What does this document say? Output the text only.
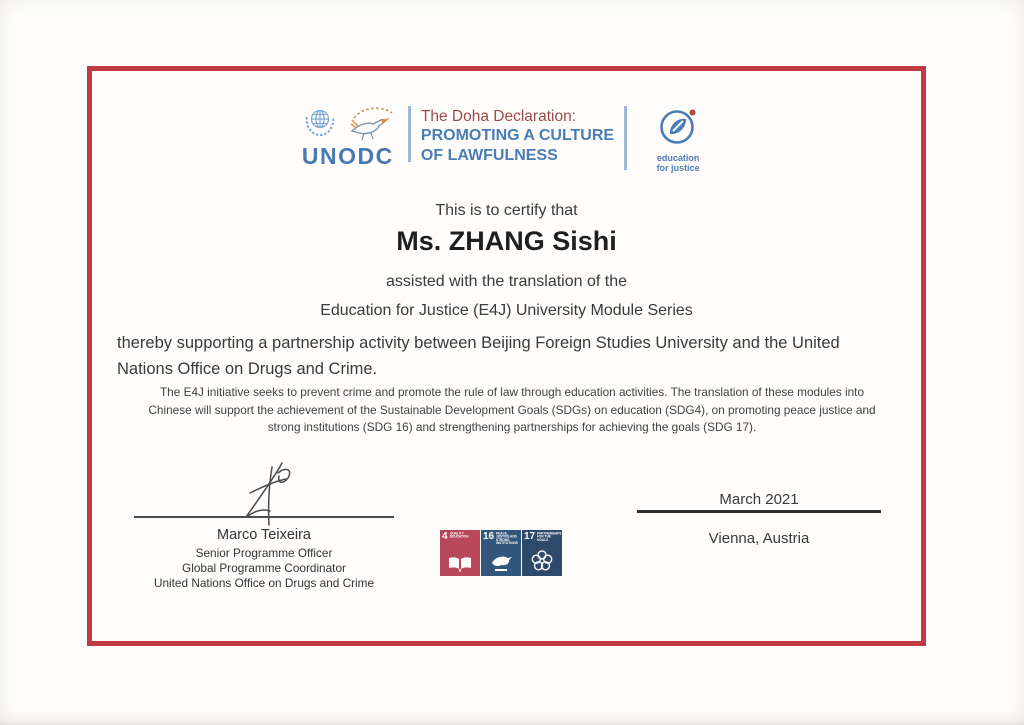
UNODC
The Doha Declaration:
PROMOTING A CULTURE
OF LAWFULNESS	education
for justice
This is to certify that
Ms. ZHANG Sishi
assisted with the translation of the
Education for Justice (E4J) University Module Series
thereby supporting a partnership activity between Beijing Foreign Studies University and the United Nations Office on Drugs and Crime.
The E4J initiative seeks to prevent crime and promote the rule of law through education activities. The translation of these modules into Chinese will support the achievement of the Sustainable Development Goals (SDGs) on education (SDG4), on promoting peace justice and strong institutions (SDG 16) and strengthening partnerships for achieving the goals (SDG 17).
Marco Teixeira
Senior Programme Officer
Global Programme Coordinator
United Nations Office on Drugs and Crime
March 2021
Vienna, Austria
4 QUALITY EDUCATION 16 PEACE, JUSTICE AND STRONG INSTITUTIONS
17 PARTNERSHIPS FOR THE GOALS
